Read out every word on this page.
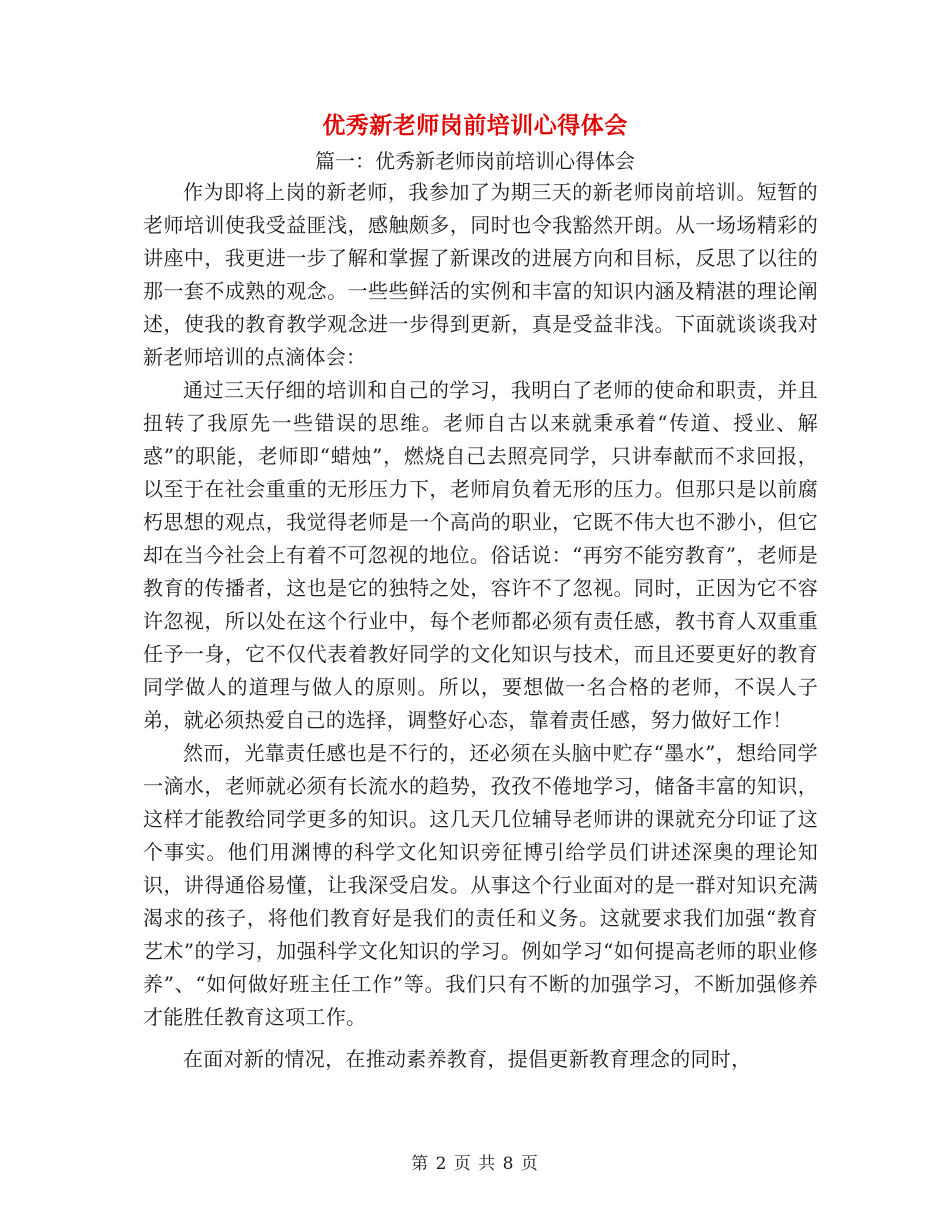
优秀新老师岗前培训心得体会
篇一：优秀新老师岗前培训心得体会

作为即将上岗的新老师，我参加了为期三天的新老师岗前培训。短暂的老师培训使我受益匪浅，感触颇多，同时也令我豁然开朗。从一场场精彩的讲座中，我更进一步了解和掌握了新课改的进展方向和目标，反思了以往的那一套不成熟的观念。一些些鲜活的实例和丰富的知识内涵及精湛的理论阐述，使我的教育教学观念进一步得到更新，真是受益非浅。下面就谈谈我对新老师培训的点滴体会：

通过三天仔细的培训和自己的学习，我明白了老师的使命和职责，并且扭转了我原先一些错误的思维。老师自古以来就秉承着“传道、授业、解惑”的职能，老师即“蜡烛”，燃烧自己去照亮同学，只讲奉献而不求回报，以至于在社会重重的无形压力下，老师肩负着无形的压力。但那只是以前腐朽思想的观点，我觉得老师是一个高尚的职业，它既不伟大也不渺小，但它却在当今社会上有着不可忽视的地位。俗话说：“再穷不能穷教育”，老师是教育的传播者，这也是它的独特之处，容许不了忽视。同时，正因为它不容许忽视，所以处在这个行业中，每个老师都必须有责任感，教书育人双重重任予一身，它不仅代表着教好同学的文化知识与技术，而且还要更好的教育同学做人的道理与做人的原则。所以，要想做一名合格的老师，不误人子弟，就必须热爱自己的选择，调整好心态，靠着责任感，努力做好工作！

然而，光靠责任感也是不行的，还必须在头脑中贮存“墨水”，想给同学一滴水，老师就必须有长流水的趋势，孜孜不倦地学习，储备丰富的知识，这样才能教给同学更多的知识。这几天几位辅导老师讲的课就充分印证了这个事实。他们用渊博的科学文化知识旁征博引给学员们讲述深奥的理论知识，讲得通俗易懂，让我深受启发。从事这个行业面对的是一群对知识充满渴求的孩子，将他们教育好是我们的责任和义务。这就要求我们加强“教育艺术”的学习，加强科学文化知识的学习。例如学习“如何提高老师的职业修养”、“如何做好班主任工作”等。我们只有不断的加强学习，不断加强修养才能胜任教育这项工作。

在面对新的情况，在推动素养教育，提倡更新教育理念的同时，

第 2 页 共 8 页
